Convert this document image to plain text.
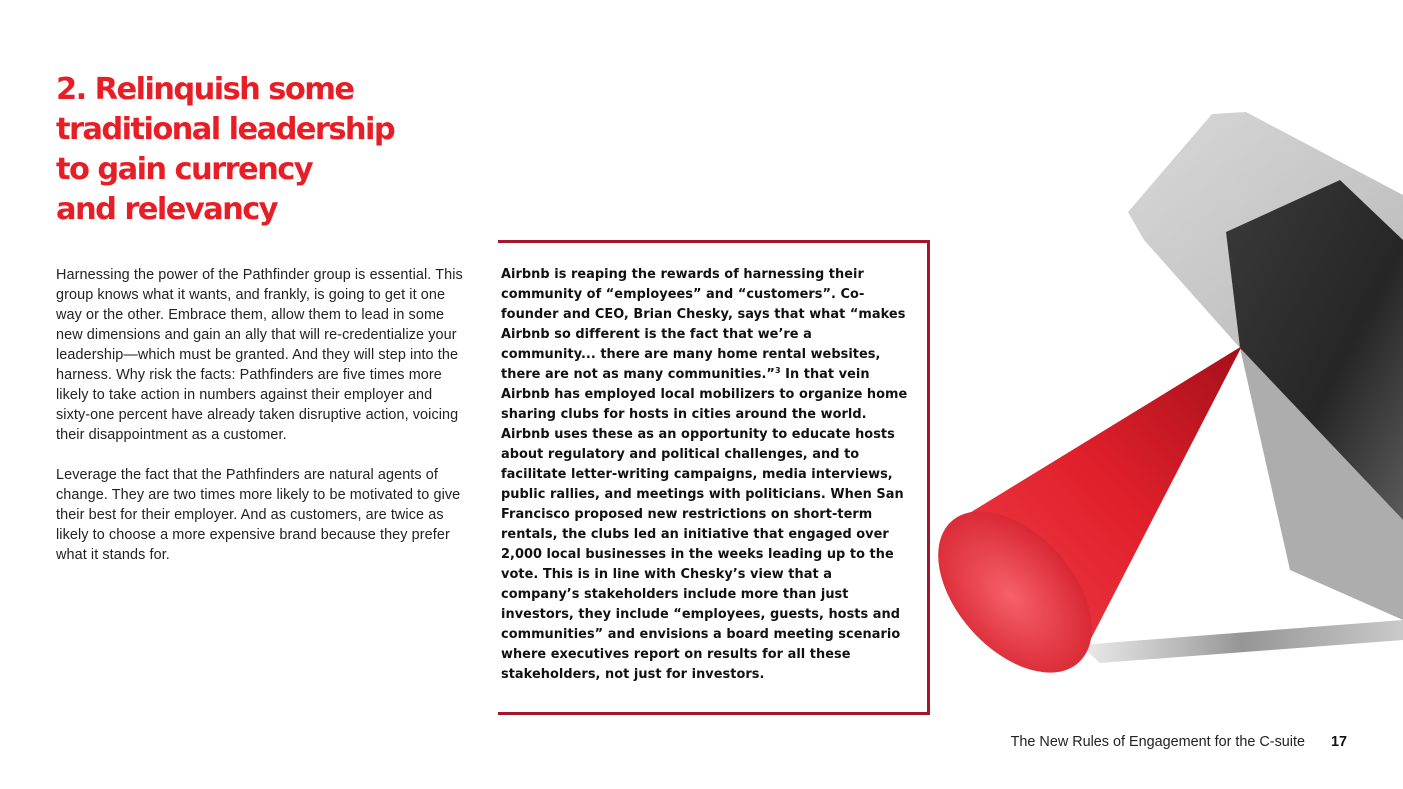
2. Relinquish some
traditional leadership
to gain currency
and relevancy

Harnessing the power of the Pathfinder group is essential. This group knows what it wants, and frankly, is going to get it one way or the other. Embrace them, allow them to lead in some new dimensions and gain an ally that will re-credentialize your leadership—which must be granted. And they will step into the harness. Why risk the facts: Pathfinders are five times more likely to take action in numbers against their employer and sixty-one percent have already taken disruptive action, voicing their disappointment as a customer.

Leverage the fact that the Pathfinders are natural agents of change. They are two times more likely to be motivated to give their best for their employer. And as customers, are twice as likely to choose a more expensive brand because they prefer what it stands for.

Airbnb is reaping the rewards of harnessing their community of “employees” and “customers”. Co-founder and CEO, Brian Chesky, says that what “makes Airbnb so different is the fact that we’re a community... there are many home rental websites, there are not as many communities.”$^3$ In that vein Airbnb has employed local mobilizers to organize home sharing clubs for hosts in cities around the world. Airbnb uses these as an opportunity to educate hosts about regulatory and political challenges, and to facilitate letter-writing campaigns, media interviews, public rallies, and meetings with politicians. When San Francisco proposed new restrictions on short-term rentals, the clubs led an initiative that engaged over 2,000 local businesses in the weeks leading up to the vote. This is in line with Chesky’s view that a company’s stakeholders include more than just investors, they include “employees, guests, hosts and communities” and envisions a board meeting scenario where executives report on results for all these stakeholders, not just for investors.

The New Rules of Engagement for the C-suite 17
